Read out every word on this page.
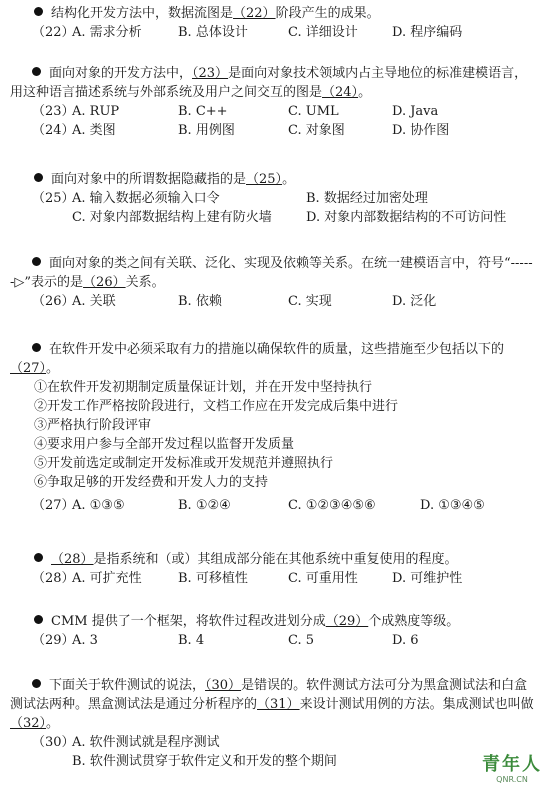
结构化开发方法中，数据流图是（22）阶段产生的成果。
（22）
A. 需求分析	B. 总体设计	C. 详细设计	D. 程序编码
面向对象的开发方法中，（23）是面向对象技术领域内占主导地位的标准建模语言，用这种语言描述系统与外部系统及用户之间交互的图是（24）。
（23）
A. RUP	B. C++	C. UML	D. Java
（24）
A. 类图	B. 用例图	C. 对象图	D. 协作图
面向对象中的所谓数据隐藏指的是（25）。
（25）
A. 输入数据必须输入口令	B. 数据经过加密处理
C. 对象内部数据结构上建有防火墙	D. 对象内部数据结构的不可访问性
面向对象的类之间有关联、泛化、实现及依赖等关系。在统一建模语言中，符号“------▷”表示的是（26）关系。
（26）
A. 关联	B. 依赖	C. 实现	D. 泛化
在软件开发中必须采取有力的措施以确保软件的质量，这些措施至少包括以下的（27）。
①在软件开发初期制定质量保证计划，并在开发中坚持执行
②开发工作严格按阶段进行，文档工作应在开发完成后集中进行
③严格执行阶段评审
④要求用户参与全部开发过程以监督开发质量
⑤开发前选定或制定开发标准或开发规范并遵照执行
⑥争取足够的开发经费和开发人力的支持
（27）
A. ①③⑤	B. ①②④	C. ①②③④⑤⑥	D. ①③④⑤
（28）是指系统和（或）其组成部分能在其他系统中重复使用的程度。
（28）
A. 可扩充性	B. 可移植性	C. 可重用性	D. 可维护性
CMM 提供了一个框架，将软件过程改进划分成（29）个成熟度等级。
（29）
A. 3	B. 4	C. 5	D. 6
下面关于软件测试的说法，（30）是错误的。软件测试方法可分为黑盒测试法和白盒测试法两种。黑盒测试法是通过分析程序的（31）来设计测试用例的方法。集成测试也叫做（32）。
（30）
A. 软件测试就是程序测试
B. 软件测试贯穿于软件定义和开发的整个期间	青年人
QNR.CN
